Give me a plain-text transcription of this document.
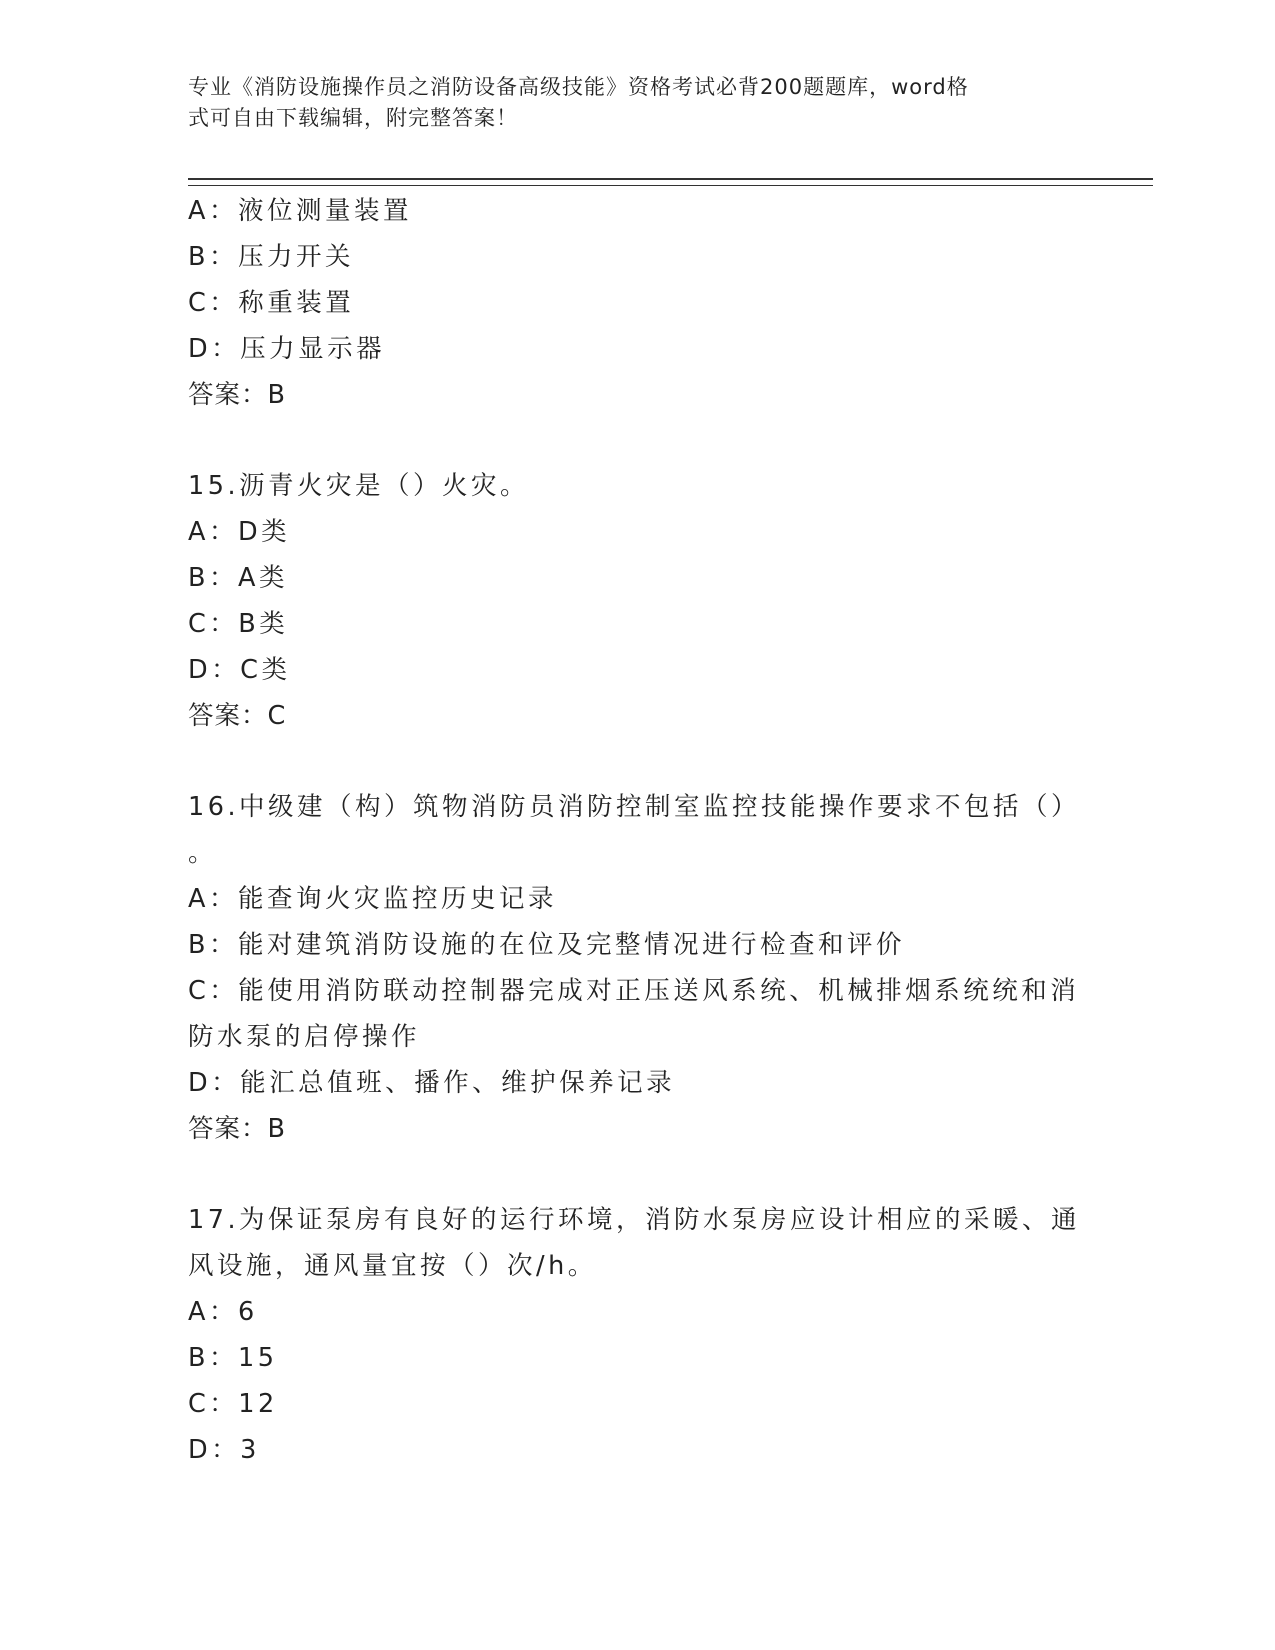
专业《消防设施操作员之消防设备高级技能》资格考试必背200题题库，word格
式可自由下载编辑，附完整答案！
A：液位测量装置
B：压力开关
C：称重装置
D：压力显示器
答案：B
15.沥青火灾是（）火灾。
A：D类
B：A类
C：B类
D：C类
答案：C
16.中级建（构）筑物消防员消防控制室监控技能操作要求不包括（）
。
A：能查询火灾监控历史记录
B：能对建筑消防设施的在位及完整情况进行检查和评价
C：能使用消防联动控制器完成对正压送风系统、机械排烟系统统和消
防水泵的启停操作
D：能汇总值班、播作、维护保养记录
答案：B
17.为保证泵房有良好的运行环境，消防水泵房应设计相应的采暖、通
风设施，通风量宜按（）次/h。
A：6
B：15
C：12
D：3
